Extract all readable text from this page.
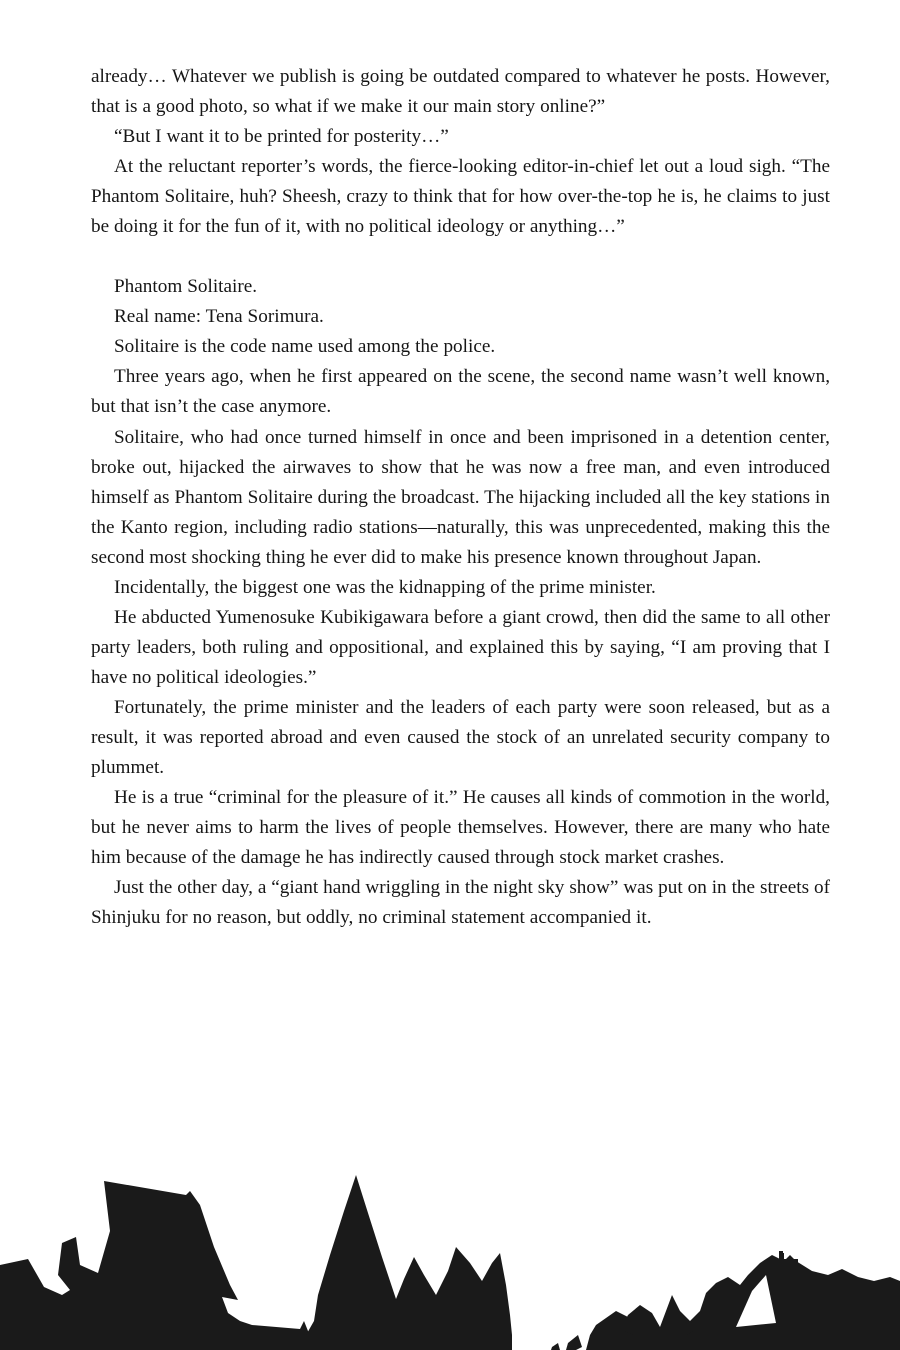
already… Whatever we publish is going be outdated compared to whatever he posts. However, that is a good photo, so what if we make it our main story online?”

“But I want it to be printed for posterity…”

At the reluctant reporter’s words, the fierce-looking editor-in-chief let out a loud sigh. “The Phantom Solitaire, huh? Sheesh, crazy to think that for how over-the-top he is, he claims to just be doing it for the fun of it, with no political ideology or anything…”

Phantom Solitaire.

Real name: Tena Sorimura.

Solitaire is the code name used among the police.

Three years ago, when he first appeared on the scene, the second name wasn’t well known, but that isn’t the case anymore.

Solitaire, who had once turned himself in once and been imprisoned in a detention center, broke out, hijacked the airwaves to show that he was now a free man, and even introduced himself as Phantom Solitaire during the broadcast. The hijacking included all the key stations in the Kanto region, including radio stations—naturally, this was unprecedented, making this the second most shocking thing he ever did to make his presence known throughout Japan.

Incidentally, the biggest one was the kidnapping of the prime minister.

He abducted Yumenosuke Kubikigawara before a giant crowd, then did the same to all other party leaders, both ruling and oppositional, and explained this by saying, “I am proving that I have no political ideologies.”

Fortunately, the prime minister and the leaders of each party were soon released, but as a result, it was reported abroad and even caused the stock of an unrelated security company to plummet.

He is a true “criminal for the pleasure of it.” He causes all kinds of commotion in the world, but he never aims to harm the lives of people themselves. However, there are many who hate him because of the damage he has indirectly caused through stock market crashes.

Just the other day, a “giant hand wriggling in the night sky show” was put on in the streets of Shinjuku for no reason, but oddly, no criminal statement accompanied it.
